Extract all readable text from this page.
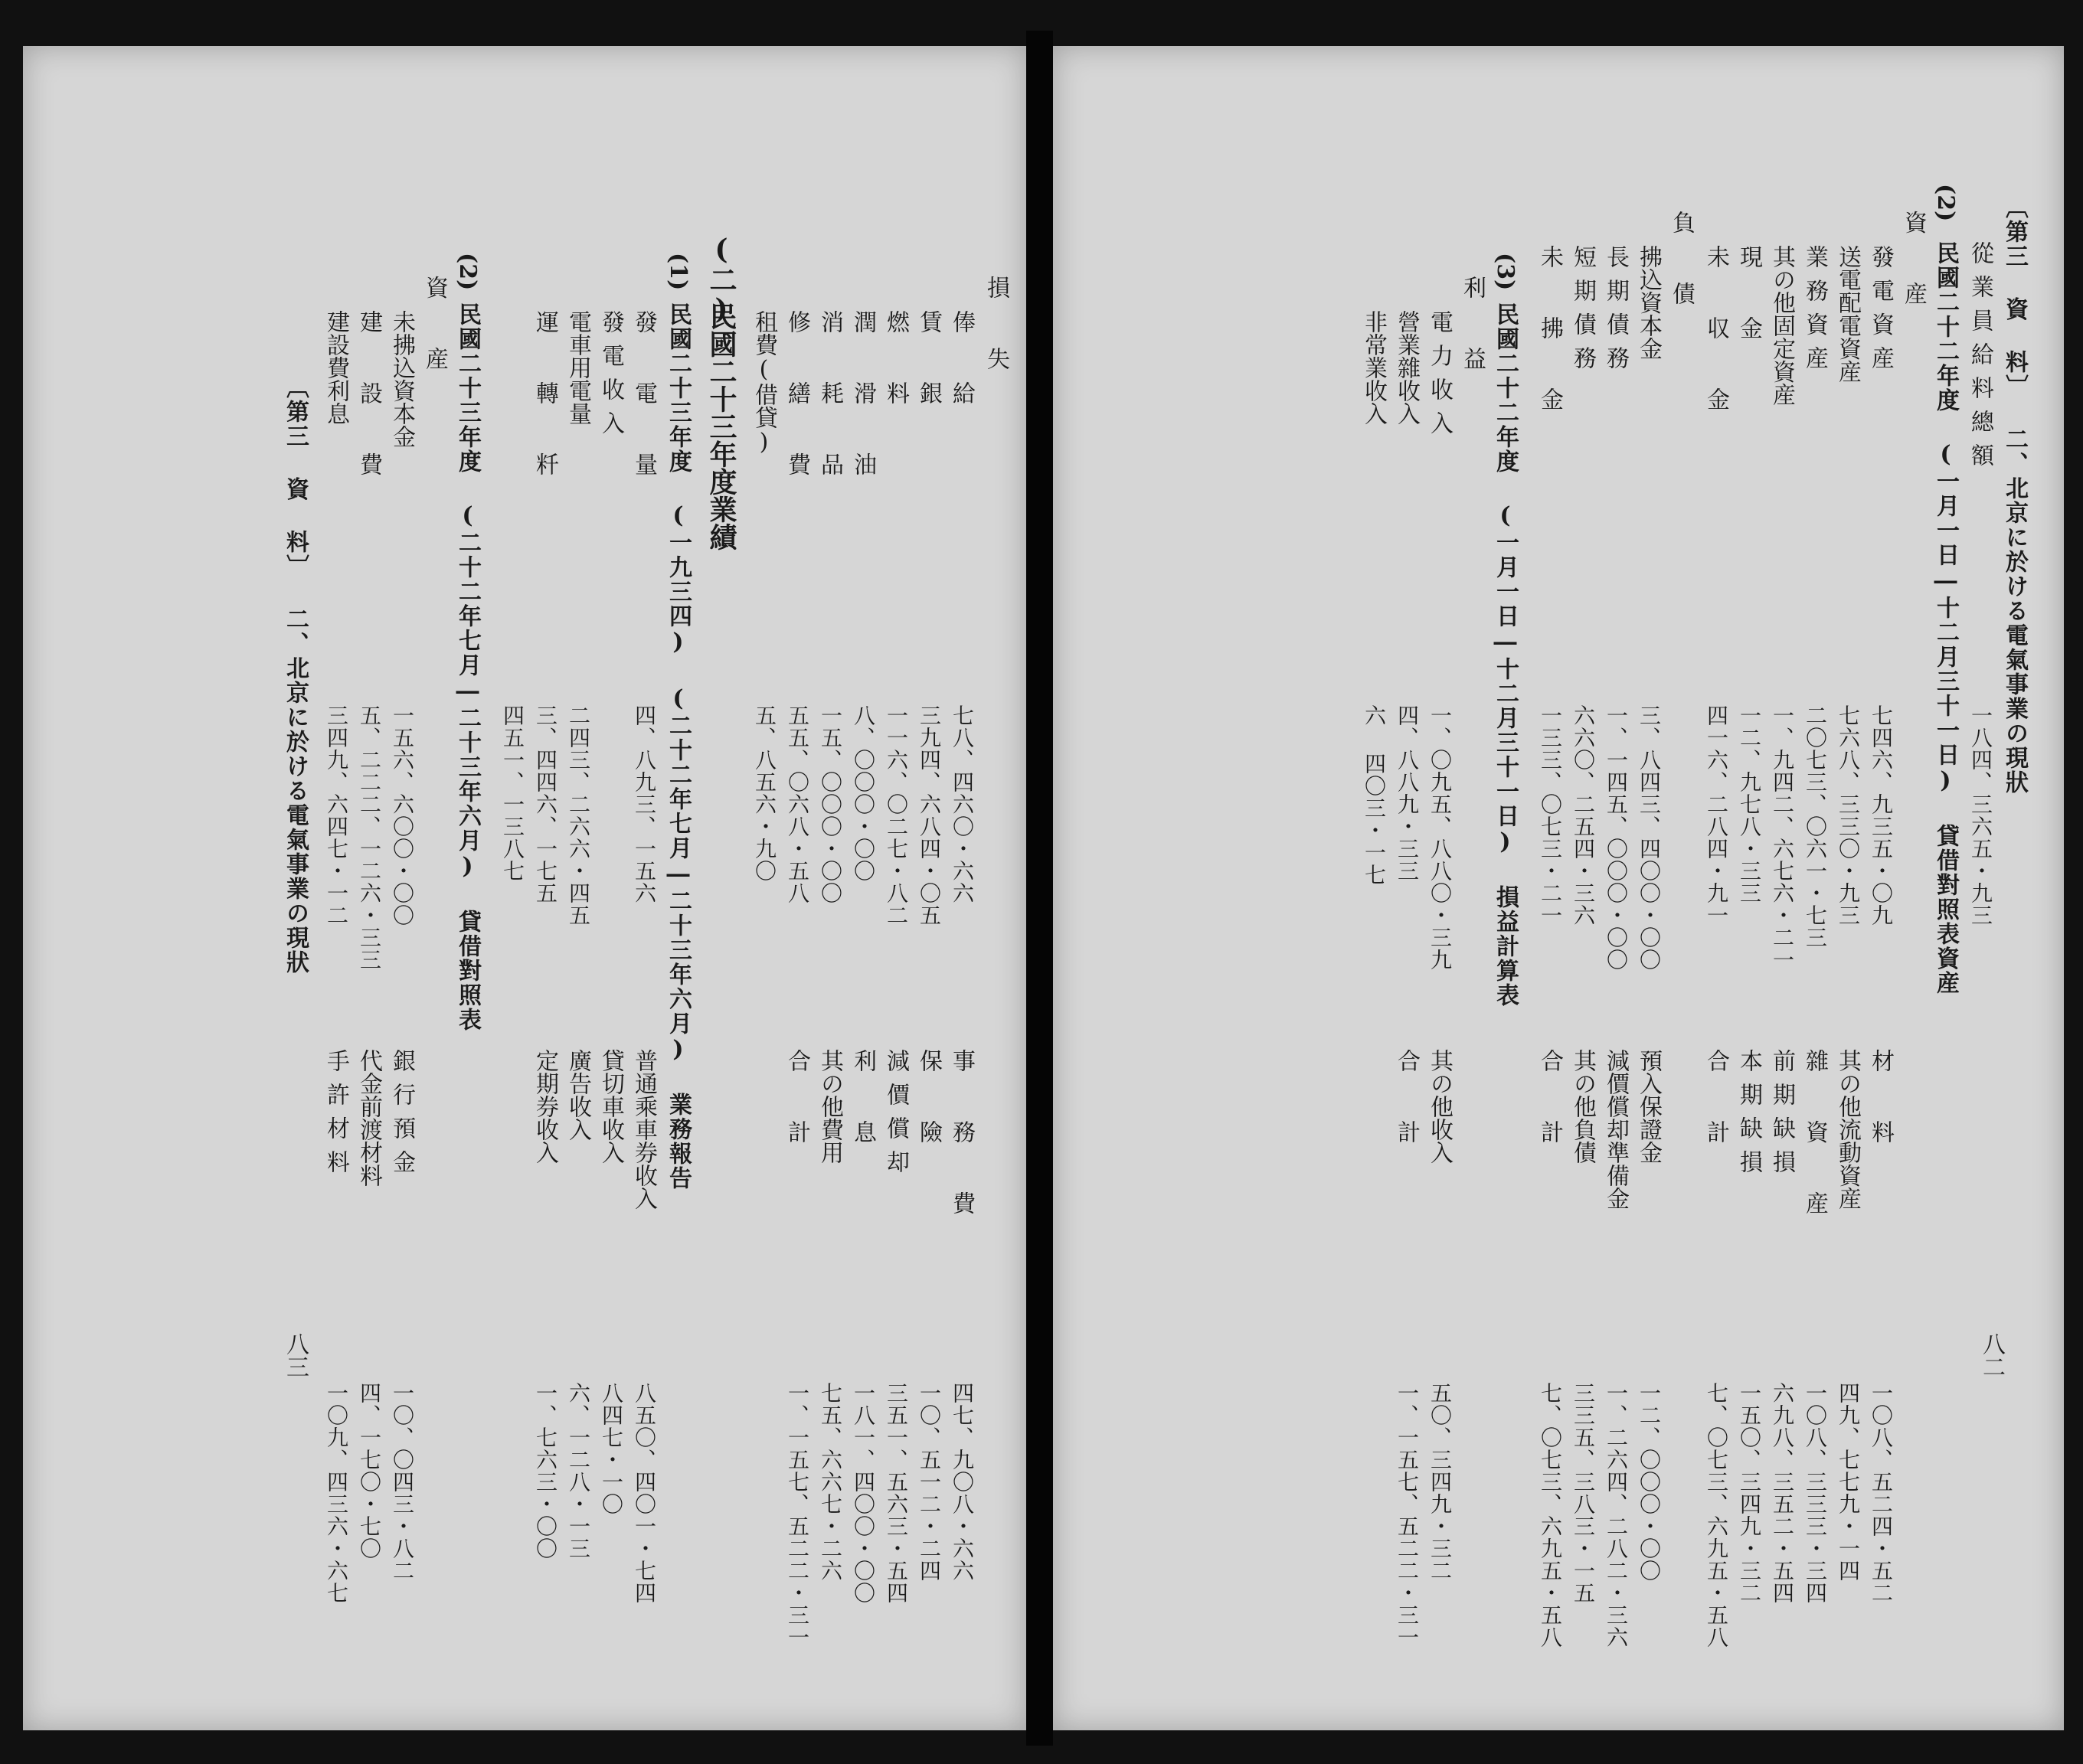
〔第三 資 料〕 二、北京に於ける電氣事業の現狀
從業員給料總額
一八四、三六五・九三
(2)
民國二十二年度 (一月一日―十二月三十一日) 貸借對照表資産
資 産
發電資産
七四六、九三五・〇九
送電配電資産
七六八、三三〇・九三
業務資産
二〇七三、〇六一・七三
其の他固定資産
一、九四二、六七六・二一
現 金
一二、九七八・三三
未 収 金
四一六、二八四・九一
材 料
一〇八、五二四・五二
其の他流動資産
四九、七七九・一四
雜 資 産
一〇八、三三三・三四
前期缺損
六九八、三五二・五四
本期缺損
一五〇、三四九・三二
合 計
七、〇七三、六九五・五八
負 債
拂込資本金
三、八四三、四〇〇・〇〇
長期債務
一、一四五、〇〇〇・〇〇
短期債務
六六〇、二五四・三六
未 拂 金
一三三、〇七三・二一
預入保證金
一二、〇〇〇・〇〇
減價償却準備金
一、二六四、二八二・三六
其の他負債
三三五、三八三・一五
合 計
七、〇七三、六九五・五八
(3)
民國二十二年度 (一月一日―十二月三十一日) 損益計算表
利 益
電力收入
一、〇九五、八八〇・三九
營業雜收入
四、八八九・三三
非常業收入
六 四〇三・一七
其の他收入
五〇、三四九・三二
合 計
一、一五七、五二二・三一
八二
損 失
俸 給
七八、四六〇・六六
賃 銀
三九四、六八四・〇五
燃 料
一一六、〇二七・八二
潤 滑 油
八、〇〇〇・〇〇
消 耗 品
一五、〇〇〇・〇〇
修 繕 費
五五、〇六八・五八
租費(借貸)
五、八五六・九〇
事 務 費
四七、九〇八・六六
保 險
一〇、五一二・二四
減價償却
三五一、五六三・五四
利 息
一八一、四〇〇・〇〇
其の他費用
七五、六六七・二六
合 計
一、一五七、五二二・三一
(二)
民國二十三年度業績
(1)
民國二十三年度 (一九三四) (二十二年七月―二十三年六月) 業務報告
發 電 量
四、八九三、一五六
發電收入
電車用電量
二四三、二六六・四五
運 轉 粁
三、四四六、一七五
四五一、一三八七
普通乘車券收入
八五〇、四〇一・七四
貸切車收入
八四七・一〇
廣告收入
六、一二八・一三
定期券收入
一、七六三・〇〇
(2)
民國二十三年度 (二十二年七月―二十三年六月) 貸借對照表
資 産
未拂込資本金
一五六、六〇〇・〇〇
建 設 費
五、二二二、一二六・三三
建設費利息
三四九、六四七・一二
銀行預金
一〇、〇四三・八二
代金前渡材料
四、一七〇・七〇
手許材料
一〇九、四三六・六七
〔第三 資 料〕 二、北京に於ける電氣事業の現狀
八三
